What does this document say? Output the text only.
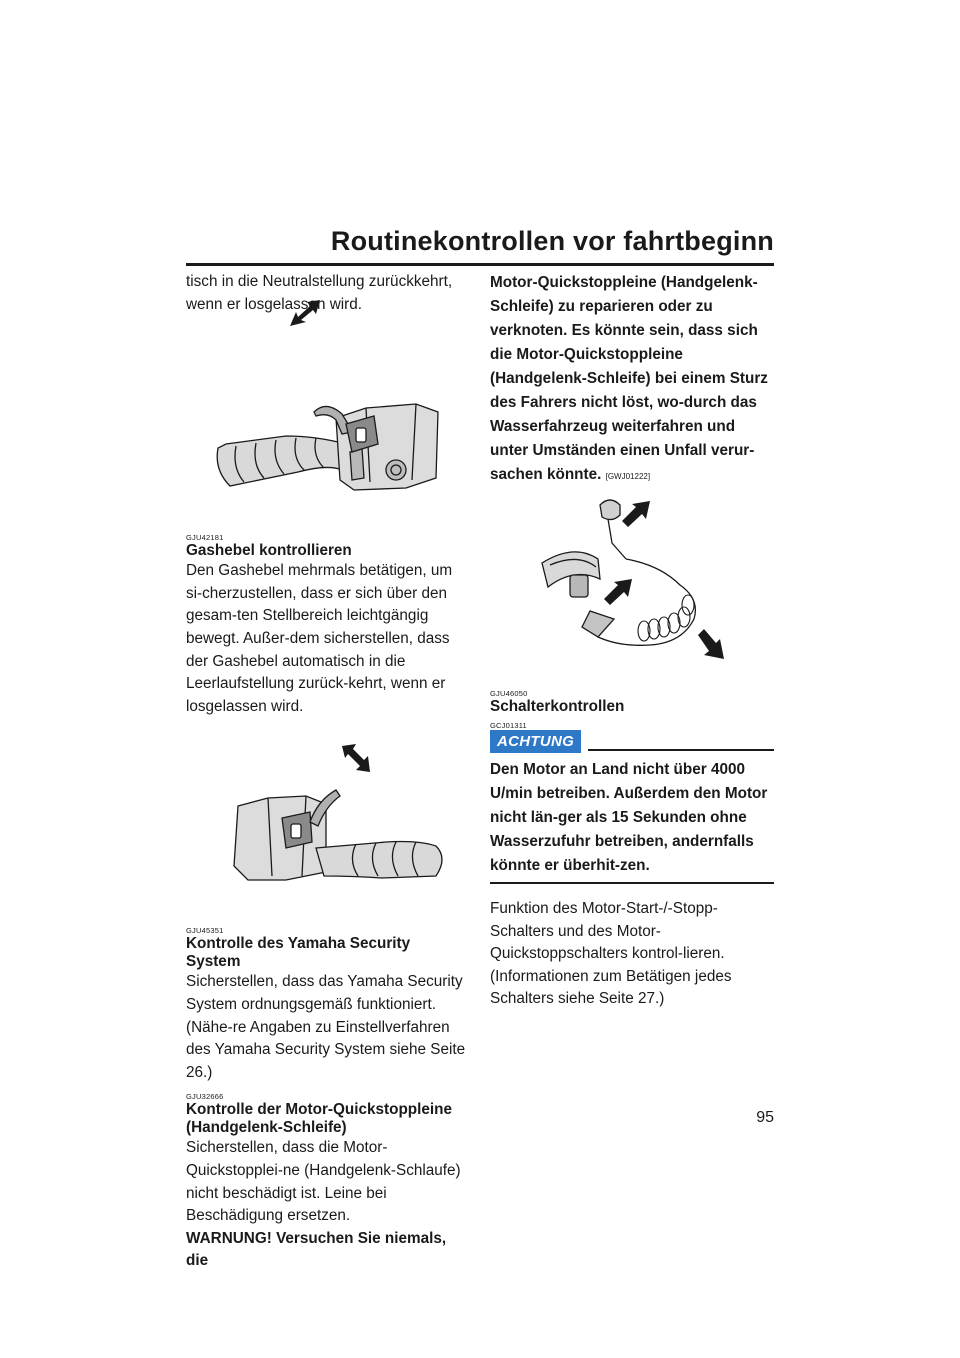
Routinekontrollen vor fahrtbeginn

tisch in die Neutralstellung zurückkehrt, wenn er losgelassen wird.

GJU42181

Gashebel kontrollieren

Den Gashebel mehrmals betätigen, um si-cherzustellen, dass er sich über den gesam-ten Stellbereich leichtgängig bewegt. Außer-dem sicherstellen, dass der Gashebel automatisch in die Leerlaufstellung zurück-kehrt, wenn er losgelassen wird.

GJU45351

Kontrolle des Yamaha Security System

Sicherstellen, dass das Yamaha Security System ordnungsgemäß funktioniert. (Nähe-re Angaben zu Einstellverfahren des Yamaha Security System siehe Seite 26.)

GJU32666

Kontrolle der Motor-Quickstoppleine (Handgelenk-Schleife)

Sicherstellen, dass die Motor-Quickstopplei-ne (Handgelenk-Schlaufe) nicht beschädigt ist. Leine bei Beschädigung ersetzen.

WARNUNG! Versuchen Sie niemals, die

Motor-Quickstoppleine (Handgelenk-Schleife) zu reparieren oder zu verknoten. Es könnte sein, dass sich die Motor-Quickstoppleine (Handgelenk-Schleife) bei einem Sturz des Fahrers nicht löst, wo-durch das Wasserfahrzeug weiterfahren und unter Umständen einen Unfall verur-sachen könnte. [GWJ01222]

GJU46050

Schalterkontrollen

GCJ01311

ACHTUNG

Den Motor an Land nicht über 4000 U/min betreiben. Außerdem den Motor nicht län-ger als 15 Sekunden ohne Wasserzufuhr betreiben, andernfalls könnte er überhit-zen.

Funktion des Motor-Start-/-Stopp-Schalters und des Motor-Quickstoppschalters kontrol-lieren. (Informationen zum Betätigen jedes Schalters siehe Seite 27.)

95
